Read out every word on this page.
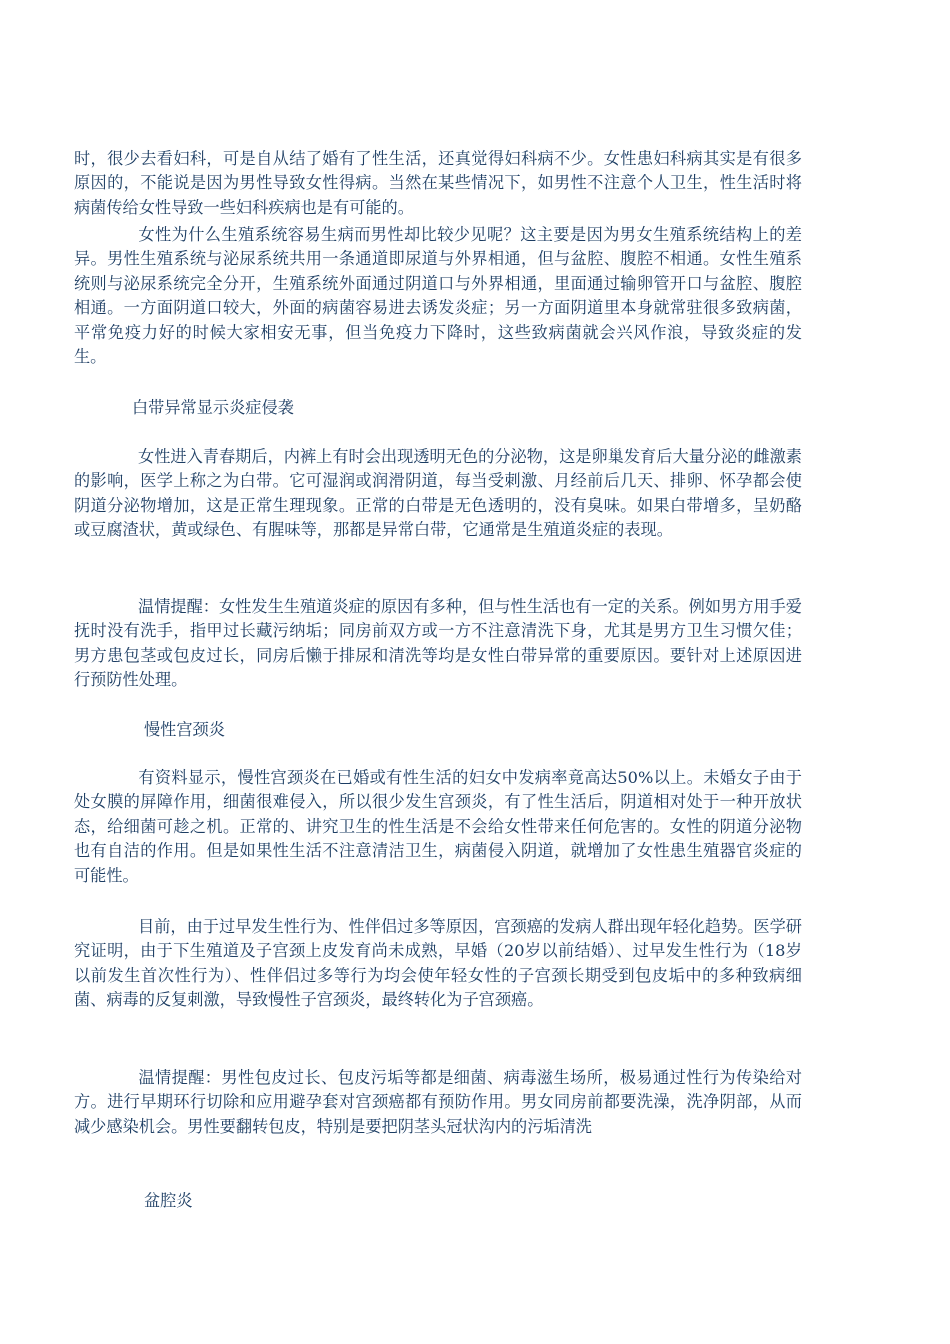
时，很少去看妇科，可是自从结了婚有了性生活，还真觉得妇科病不少。女性患妇科病其实是有很多原因的，不能说是因为男性导致女性得病。当然在某些情况下，如男性不注意个人卫生，性生活时将病菌传给女性导致一些妇科疾病也是有可能的。

女性为什么生殖系统容易生病而男性却比较少见呢？这主要是因为男女生殖系统结构上的差异。男性生殖系统与泌尿系统共用一条通道即尿道与外界相通，但与盆腔、腹腔不相通。女性生殖系统则与泌尿系统完全分开，生殖系统外面通过阴道口与外界相通，里面通过输卵管开口与盆腔、腹腔相通。一方面阴道口较大，外面的病菌容易进去诱发炎症；另一方面阴道里本身就常驻很多致病菌，平常免疫力好的时候大家相安无事，但当免疫力下降时，这些致病菌就会兴风作浪，导致炎症的发生。

白带异常显示炎症侵袭

女性进入青春期后，内裤上有时会出现透明无色的分泌物，这是卵巢发育后大量分泌的雌激素的影响，医学上称之为白带。它可湿润或润滑阴道，每当受刺激、月经前后几天、排卵、怀孕都会使阴道分泌物增加，这是正常生理现象。正常的白带是无色透明的，没有臭味。如果白带增多，呈奶酪或豆腐渣状，黄或绿色、有腥味等，那都是异常白带，它通常是生殖道炎症的表现。

温情提醒：女性发生生殖道炎症的原因有多种，但与性生活也有一定的关系。例如男方用手爱抚时没有洗手，指甲过长藏污纳垢；同房前双方或一方不注意清洗下身，尤其是男方卫生习惯欠佳；男方患包茎或包皮过长，同房后懒于排尿和清洗等均是女性白带异常的重要原因。要针对上述原因进行预防性处理。

慢性宫颈炎

有资料显示，慢性宫颈炎在已婚或有性生活的妇女中发病率竟高达50%以上。未婚女子由于处女膜的屏障作用，细菌很难侵入，所以很少发生宫颈炎，有了性生活后，阴道相对处于一种开放状态，给细菌可趁之机。正常的、讲究卫生的性生活是不会给女性带来任何危害的。女性的阴道分泌物也有自洁的作用。但是如果性生活不注意清洁卫生，病菌侵入阴道，就增加了女性患生殖器官炎症的可能性。

目前，由于过早发生性行为、性伴侣过多等原因，宫颈癌的发病人群出现年轻化趋势。医学研究证明，由于下生殖道及子宫颈上皮发育尚未成熟，早婚（20岁以前结婚）、过早发生性行为（18岁以前发生首次性行为）、性伴侣过多等行为均会使年轻女性的子宫颈长期受到包皮垢中的多种致病细菌、病毒的反复刺激，导致慢性子宫颈炎，最终转化为子宫颈癌。

温情提醒：男性包皮过长、包皮污垢等都是细菌、病毒滋生场所，极易通过性行为传染给对方。进行早期环行切除和应用避孕套对宫颈癌都有预防作用。男女同房前都要洗澡，洗净阴部，从而减少感染机会。男性要翻转包皮，特别是要把阴茎头冠状沟内的污垢清洗

盆腔炎
